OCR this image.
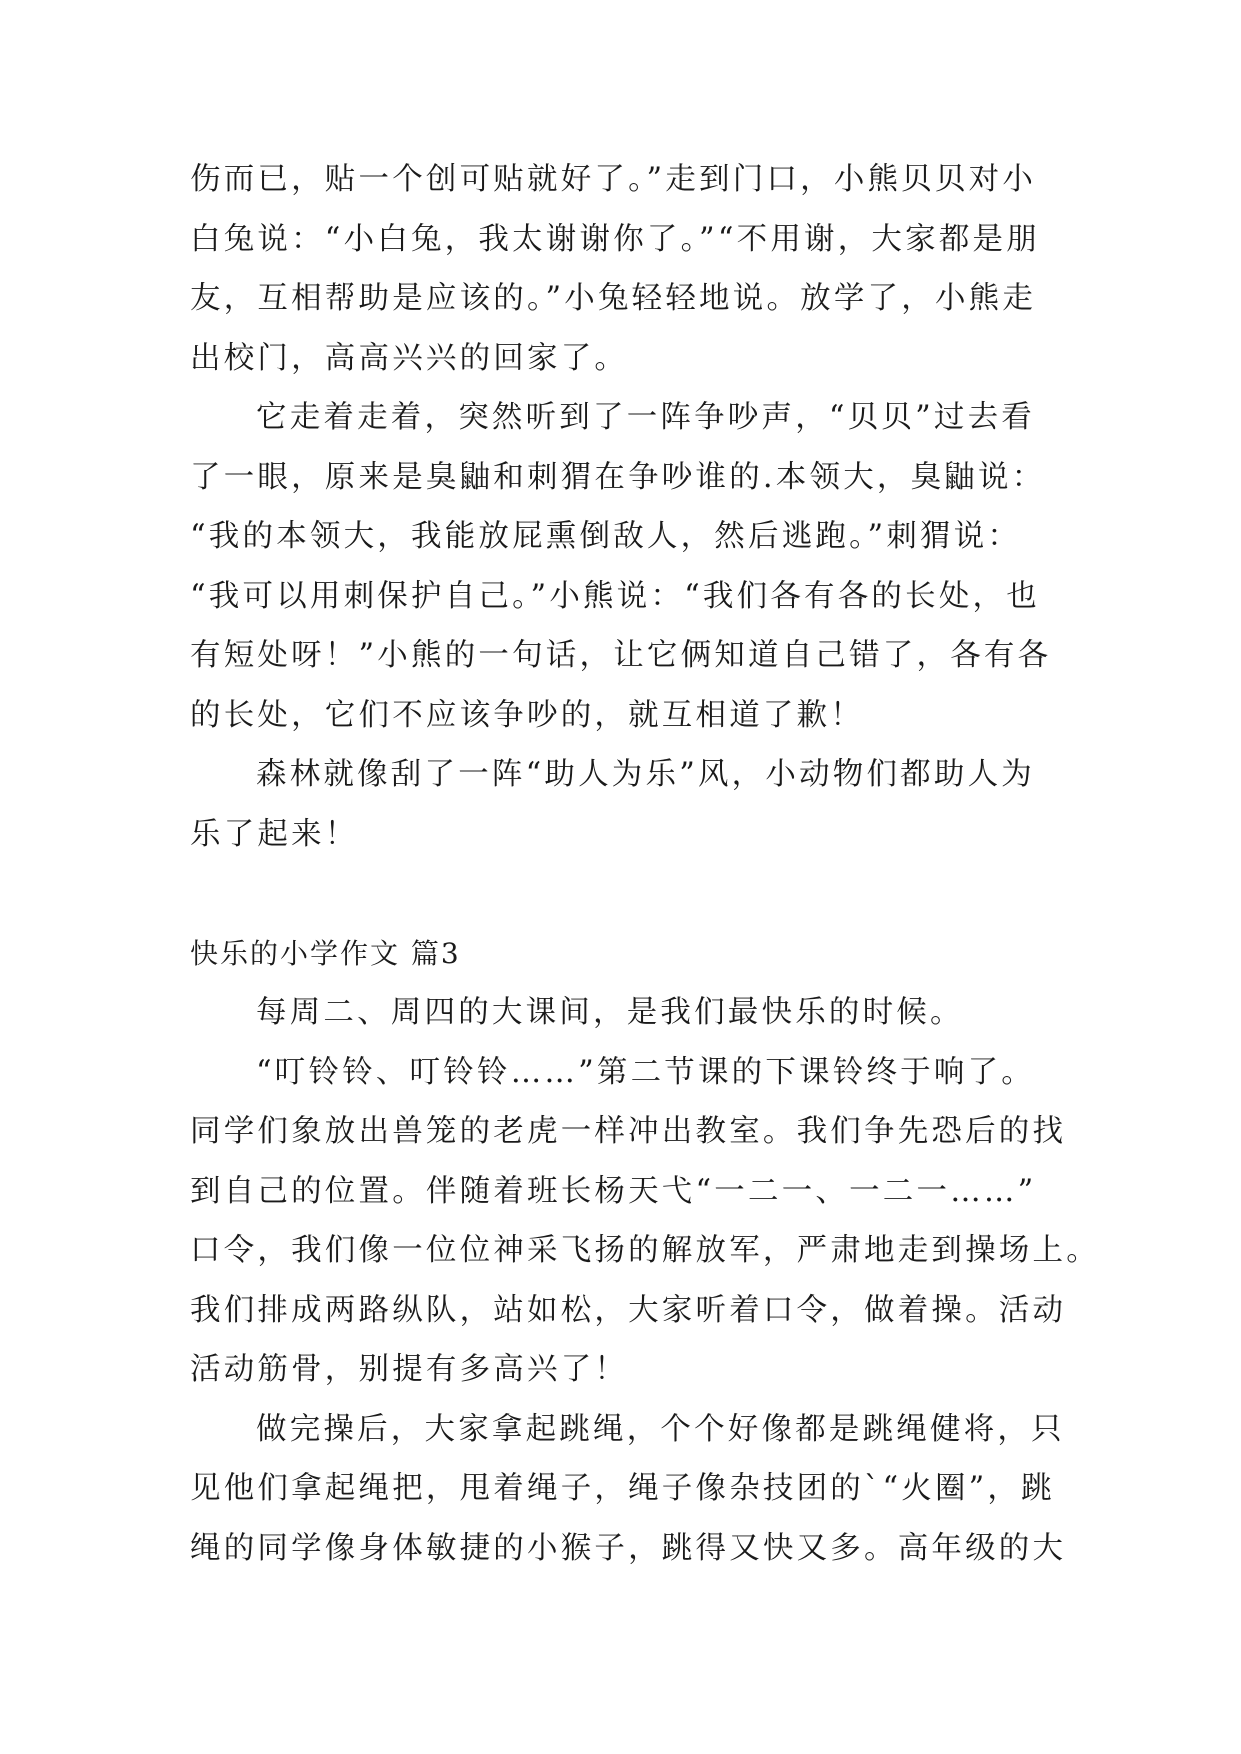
伤而已，贴一个创可贴就好了。”走到门口，小熊贝贝对小
白兔说：“小白兔，我太谢谢你了。”“不用谢，大家都是朋
友，互相帮助是应该的。”小兔轻轻地说。放学了，小熊走
出校门，高高兴兴的回家了。
它走着走着，突然听到了一阵争吵声，“贝贝”过去看
了一眼，原来是臭鼬和刺猬在争吵谁的.本领大，臭鼬说：
“我的本领大，我能放屁熏倒敌人，然后逃跑。”刺猬说：
“我可以用刺保护自己。”小熊说：“我们各有各的长处，也
有短处呀！”小熊的一句话，让它俩知道自己错了，各有各
的长处，它们不应该争吵的，就互相道了歉！
森林就像刮了一阵“助人为乐”风，小动物们都助人为
乐了起来！
快乐的小学作文 篇3
每周二、周四的大课间，是我们最快乐的时候。
“叮铃铃、叮铃铃……”第二节课的下课铃终于响了。
同学们象放出兽笼的老虎一样冲出教室。我们争先恐后的找
到自己的位置。伴随着班长杨天弋“一二一、一二一……”
口令，我们像一位位神采飞扬的解放军，严肃地走到操场上。
我们排成两路纵队，站如松，大家听着口令，做着操。活动
活动筋骨，别提有多高兴了！
做完操后，大家拿起跳绳，个个好像都是跳绳健将，只
见他们拿起绳把，甩着绳子，绳子像杂技团的`“火圈”，跳
绳的同学像身体敏捷的小猴子，跳得又快又多。高年级的大
